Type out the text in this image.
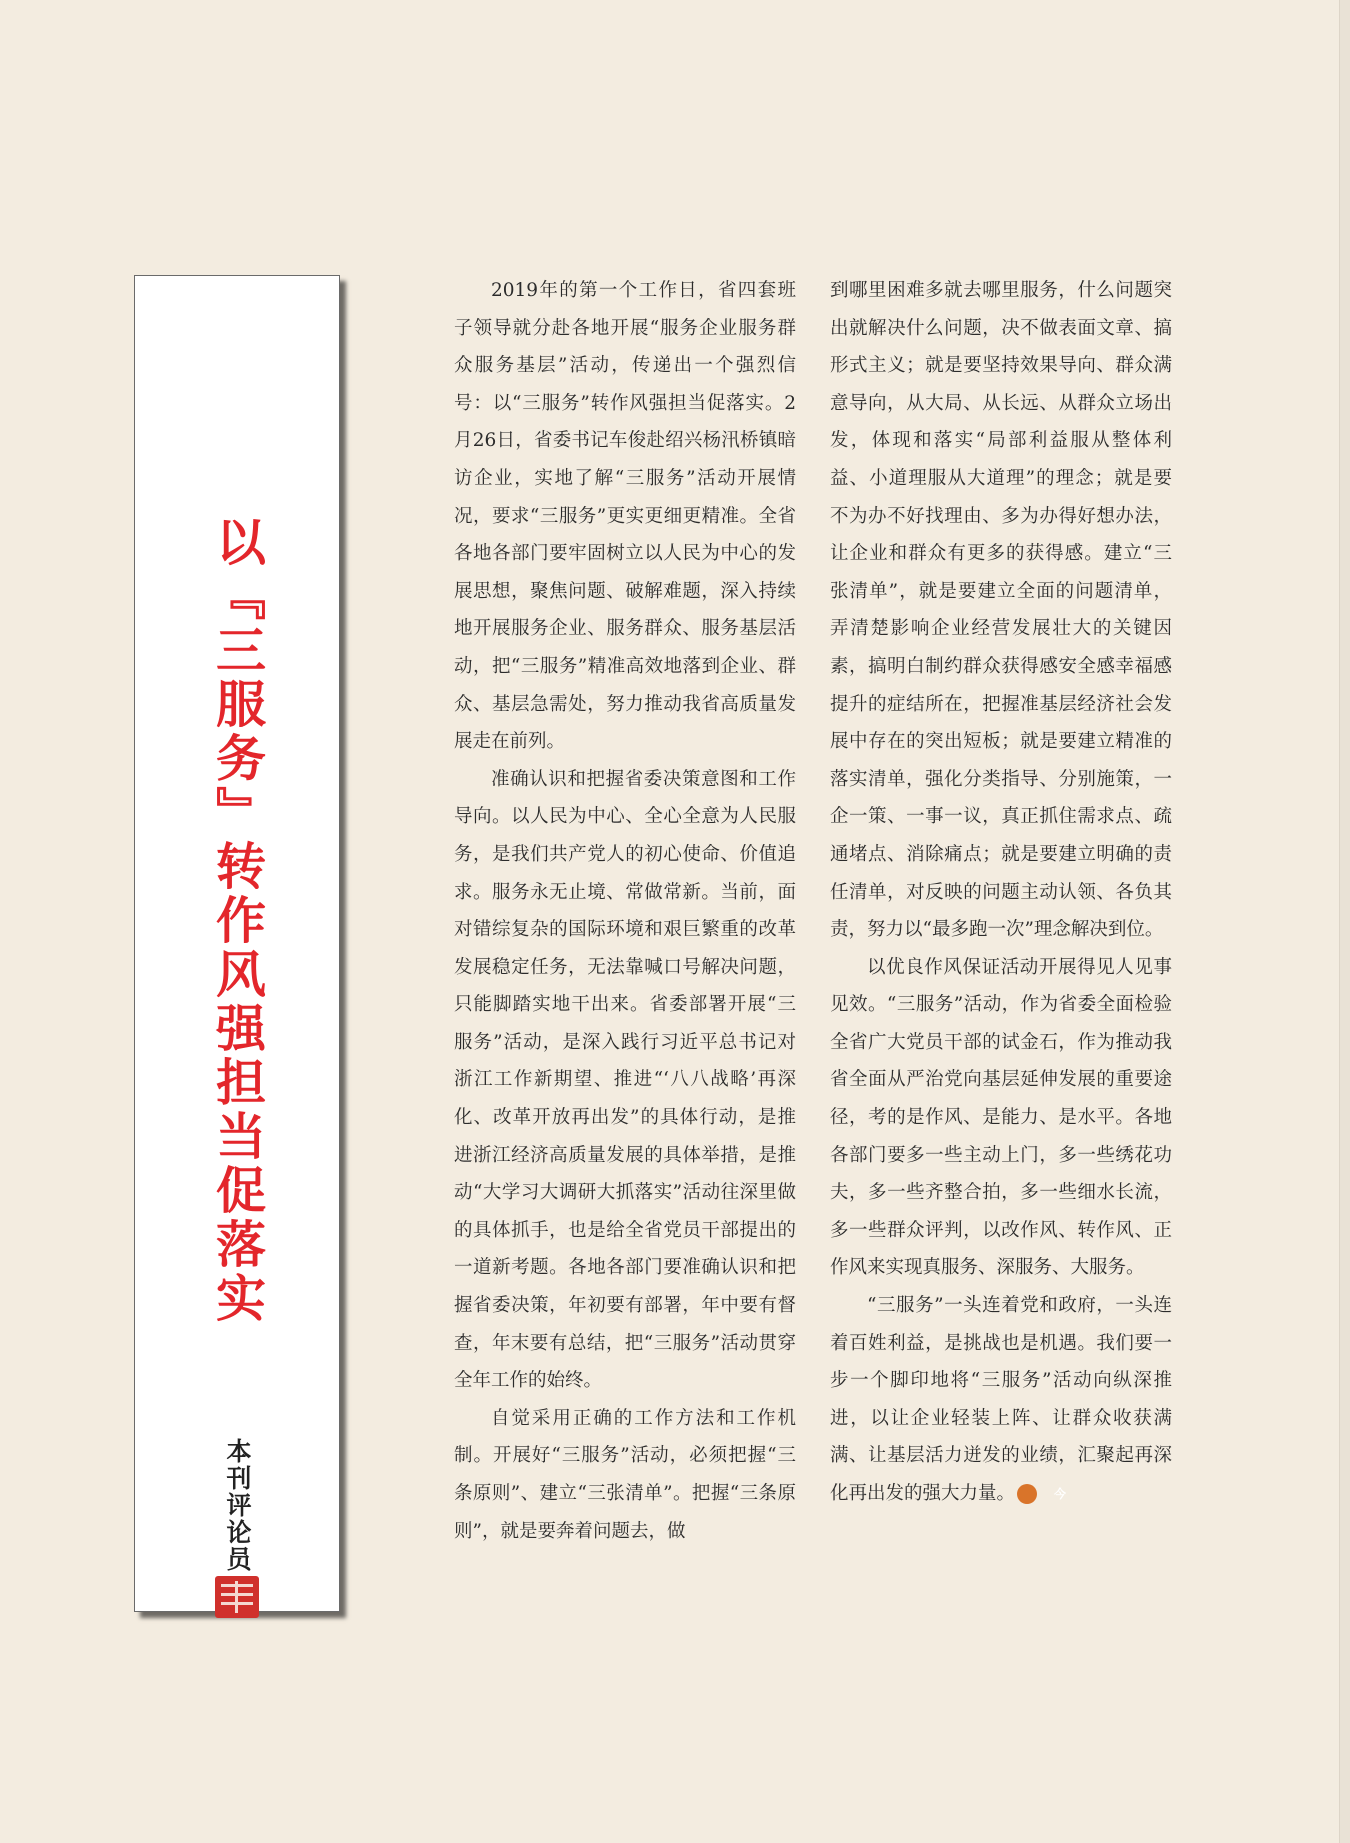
以『三服务』转作风强担当促落实
本刊评论员

2019年的第一个工作日，省四套班子领导就分赴各地开展“服务企业服务群众服务基层”活动，传递出一个强烈信号：以“三服务”转作风强担当促落实。2月26日，省委书记车俊赴绍兴杨汛桥镇暗访企业，实地了解“三服务”活动开展情况，要求“三服务”更实更细更精准。全省各地各部门要牢固树立以人民为中心的发展思想，聚焦问题、破解难题，深入持续地开展服务企业、服务群众、服务基层活动，把“三服务”精准高效地落到企业、群众、基层急需处，努力推动我省高质量发展走在前列。

准确认识和把握省委决策意图和工作导向。以人民为中心、全心全意为人民服务，是我们共产党人的初心使命、价值追求。服务永无止境、常做常新。当前，面对错综复杂的国际环境和艰巨繁重的改革发展稳定任务，无法靠喊口号解决问题，只能脚踏实地干出来。省委部署开展“三服务”活动，是深入践行习近平总书记对浙江工作新期望、推进“‘八八战略’再深化、改革开放再出发”的具体行动，是推进浙江经济高质量发展的具体举措，是推动“大学习大调研大抓落实”活动往深里做的具体抓手，也是给全省党员干部提出的一道新考题。各地各部门要准确认识和把握省委决策，年初要有部署，年中要有督查，年末要有总结，把“三服务”活动贯穿全年工作的始终。

自觉采用正确的工作方法和工作机制。开展好“三服务”活动，必须把握“三条原则”、建立“三张清单”。把握“三条原则”，就是要奔着问题去，做

到哪里困难多就去哪里服务，什么问题突出就解决什么问题，决不做表面文章、搞形式主义；就是要坚持效果导向、群众满意导向，从大局、从长远、从群众立场出发，体现和落实“局部利益服从整体利益、小道理服从大道理”的理念；就是要不为办不好找理由、多为办得好想办法，让企业和群众有更多的获得感。建立“三张清单”，就是要建立全面的问题清单，弄清楚影响企业经营发展壮大的关键因素，搞明白制约群众获得感安全感幸福感提升的症结所在，把握准基层经济社会发展中存在的突出短板；就是要建立精准的落实清单，强化分类指导、分别施策，一企一策、一事一议，真正抓住需求点、疏通堵点、消除痛点；就是要建立明确的责任清单，对反映的问题主动认领、各负其责，努力以“最多跑一次”理念解决到位。

以优良作风保证活动开展得见人见事见效。“三服务”活动，作为省委全面检验全省广大党员干部的试金石，作为推动我省全面从严治党向基层延伸发展的重要途径，考的是作风、是能力、是水平。各地各部门要多一些主动上门，多一些绣花功夫，多一些齐整合拍，多一些细水长流，多一些群众评判，以改作风、转作风、正作风来实现真服务、深服务、大服务。

“三服务”一头连着党和政府，一头连着百姓利益，是挑战也是机遇。我们要一步一个脚印地将“三服务”活动向纵深推进，以让企业轻装上阵、让群众收获满满、让基层活力迸发的业绩，汇聚起再深化再出发的强大力量。	今
